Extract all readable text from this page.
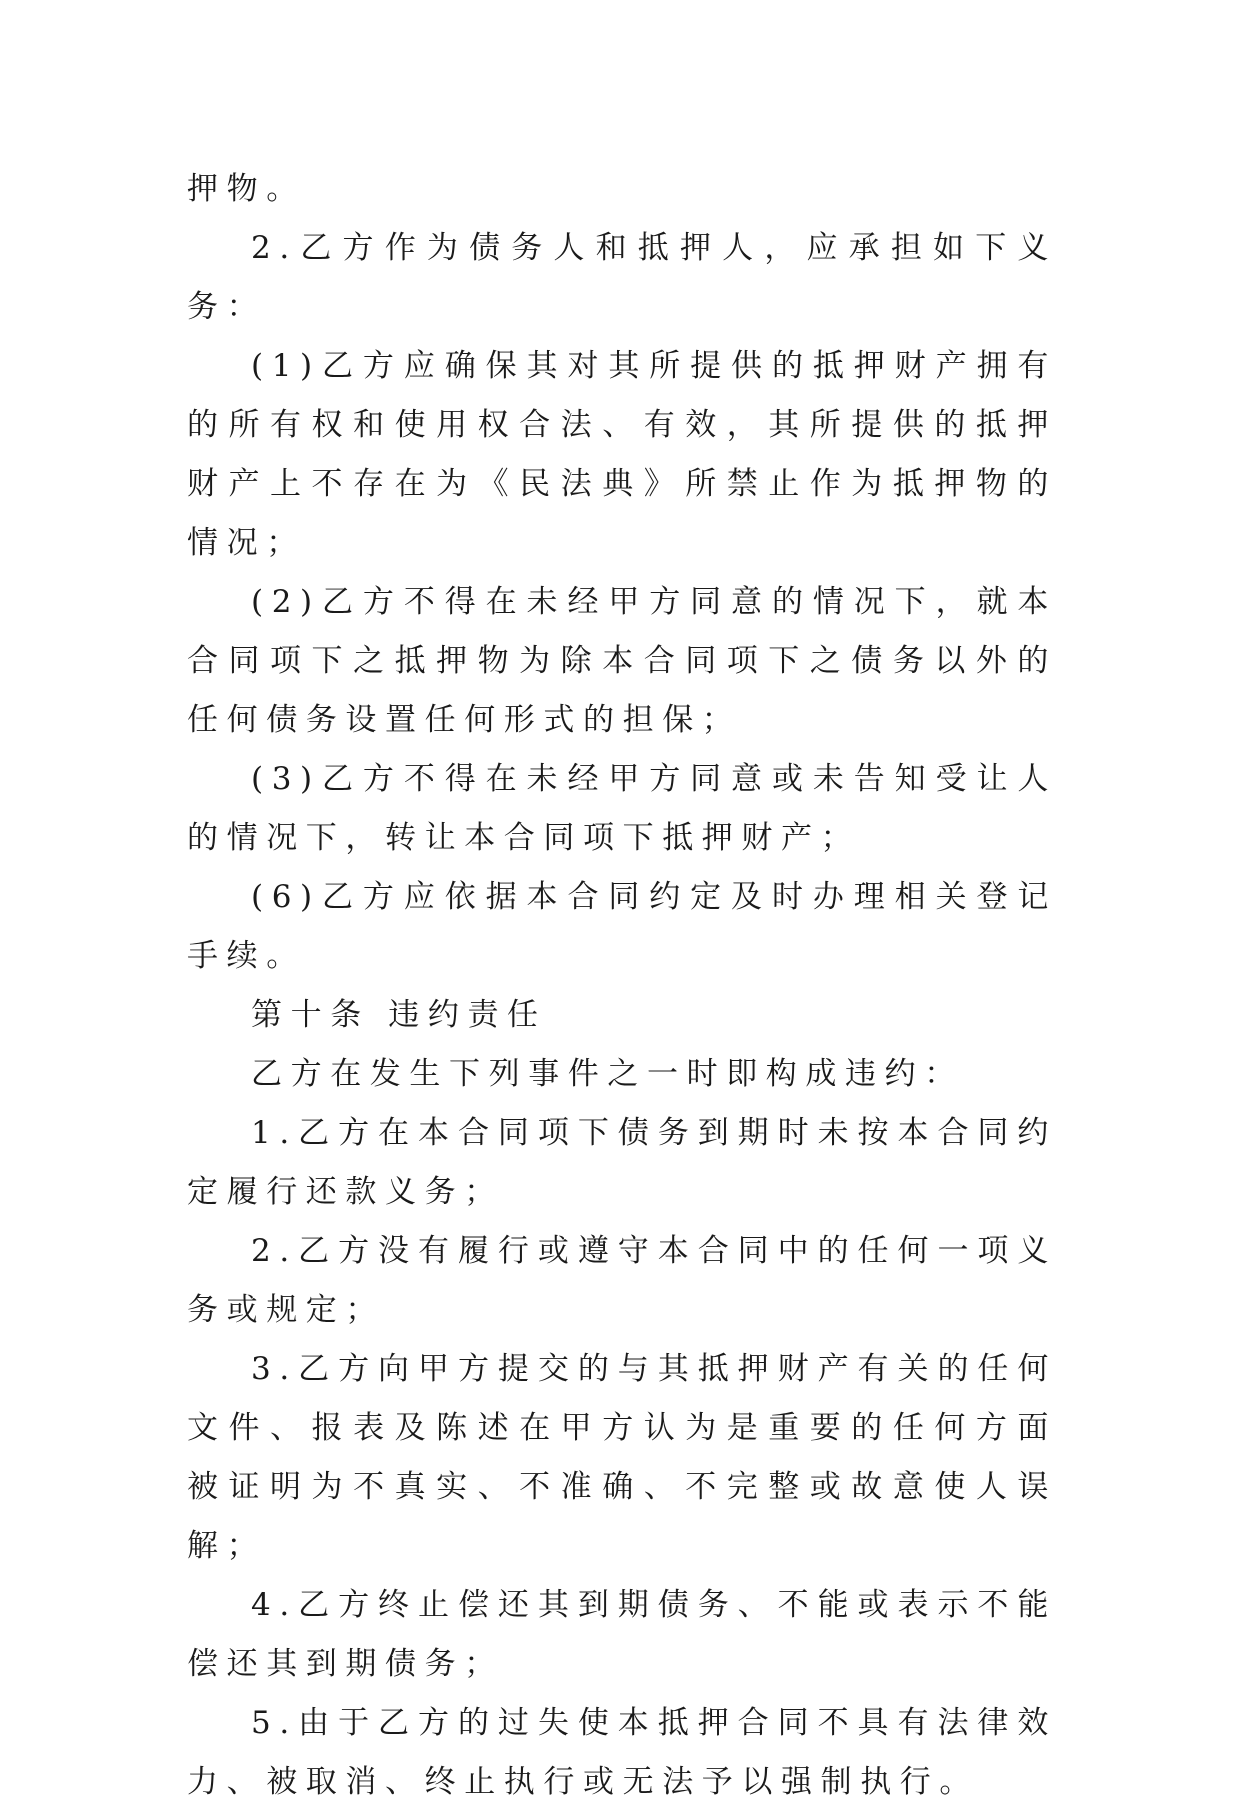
押物。

2.乙方作为债务人和抵押人，应承担如下义务：

(1)乙方应确保其对其所提供的抵押财产拥有的所有权和使用权合法、有效，其所提供的抵押财产上不存在为《民法典》所禁止作为抵押物的情况；

(2)乙方不得在未经甲方同意的情况下，就本合同项下之抵押物为除本合同项下之债务以外的任何债务设置任何形式的担保；

(3)乙方不得在未经甲方同意或未告知受让人的情况下，转让本合同项下抵押财产；

(6)乙方应依据本合同约定及时办理相关登记手续。

第十条 违约责任

乙方在发生下列事件之一时即构成违约：

1.乙方在本合同项下债务到期时未按本合同约定履行还款义务；

2.乙方没有履行或遵守本合同中的任何一项义务或规定；

3.乙方向甲方提交的与其抵押财产有关的任何文件、报表及陈述在甲方认为是重要的任何方面被证明为不真实、不准确、不完整或故意使人误解；

4.乙方终止偿还其到期债务、不能或表示不能偿还其到期债务；

5.由于乙方的过失使本抵押合同不具有法律效力、被取消、终止执行或无法予以强制执行。
